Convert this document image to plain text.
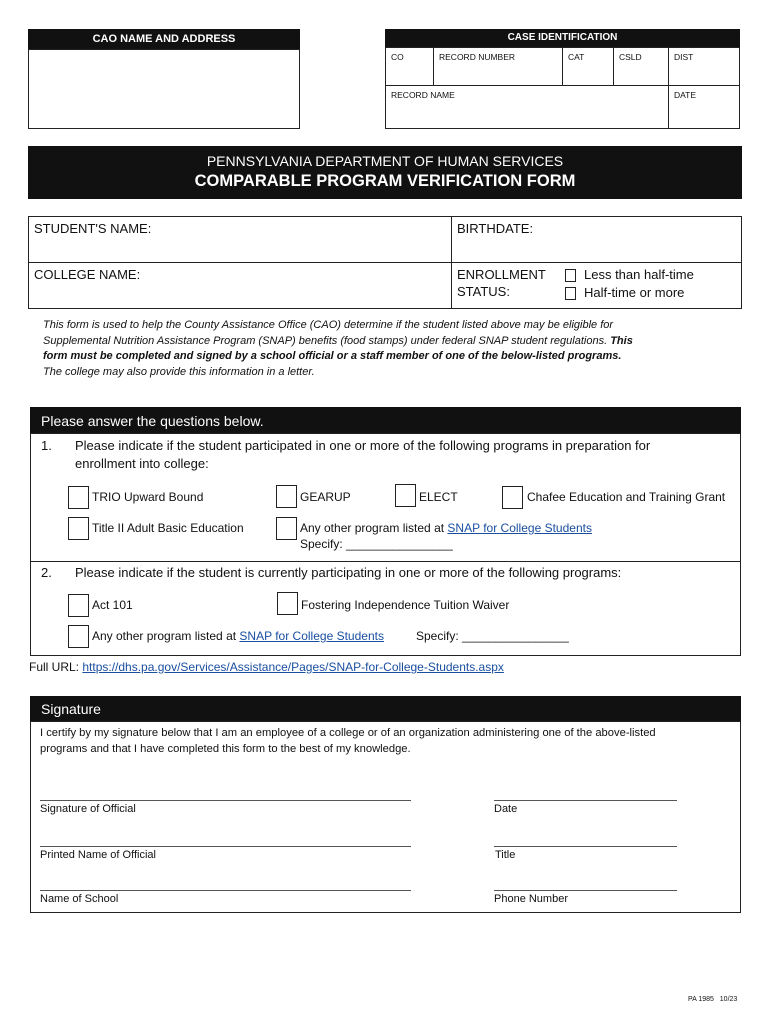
CAO NAME AND ADDRESS	CASE IDENTIFICATION
CO	RECORD NUMBER	CAT	CSLD	DIST
RECORD NAME	DATE
PENNSYLVANIA DEPARTMENT OF HUMAN SERVICES
COMPARABLE PROGRAM VERIFICATION FORM
STUDENT'S NAME:	BIRTHDATE:
COLLEGE NAME:	ENROLLMENT
STATUS:
Less than half-time
Half-time or more
This form is used to help the County Assistance Office (CAO) determine if the student listed above may be eligible for
Supplemental Nutrition Assistance Program (SNAP) benefits (food stamps) under federal SNAP student regulations. This
form must be completed and signed by a school official or a staff member of one of the below-listed programs.
The college may also provide this information in a letter.
Please answer the questions below.
1. Please indicate if the student participated in one or more of the following programs in preparation for
enrollment into college:
TRIO Upward Bound	GEARUP	ELECT	Chafee Education and Training Grant
Title II Adult Basic Education	Any other program listed at SNAP for College Students
Specify: ________________
2. Please indicate if the student is currently participating in one or more of the following programs:
Act 101	Fostering Independence Tuition Waiver
Any other program listed at SNAP for College Students	Specify: ________________
Full URL: https://dhs.pa.gov/Services/Assistance/Pages/SNAP-for-College-Students.aspx
Signature
I certify by my signature below that I am an employee of a college or of an organization administering one of the above-listed
programs and that I have completed this form to the best of my knowledge.
Signature of Official	Date
Printed Name of Official	Title
Name of School	Phone Number
PA 1985   10/23
